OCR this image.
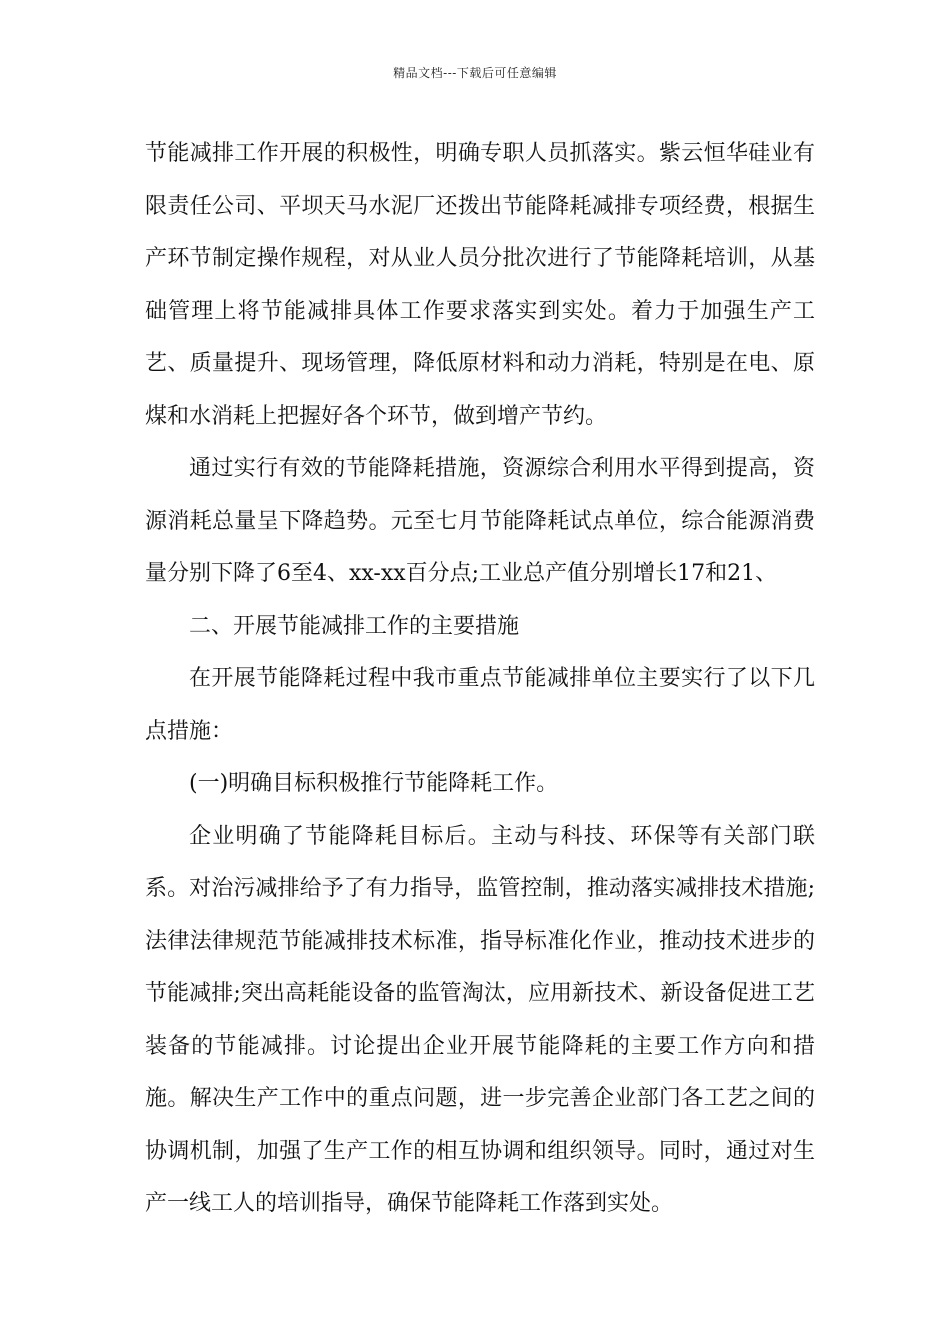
精品文档---下载后可任意编辑

节能减排工作开展的积极性，明确专职人员抓落实。紫云恒华硅业有限责任公司、平坝天马水泥厂还拨出节能降耗减排专项经费，根据生产环节制定操作规程，对从业人员分批次进行了节能降耗培训，从基础管理上将节能减排具体工作要求落实到实处。着力于加强生产工艺、质量提升、现场管理，降低原材料和动力消耗，特别是在电、原煤和水消耗上把握好各个环节，做到增产节约。

通过实行有效的节能降耗措施，资源综合利用水平得到提高，资源消耗总量呈下降趋势。元至七月节能降耗试点单位，综合能源消费量分别下降了6至4、xx-xx百分点;工业总产值分别增长17和21、

二、开展节能减排工作的主要措施

在开展节能降耗过程中我市重点节能减排单位主要实行了以下几点措施：

(一)明确目标积极推行节能降耗工作。

企业明确了节能降耗目标后。主动与科技、环保等有关部门联系。对治污减排给予了有力指导，监管控制，推动落实减排技术措施;法律法律规范节能减排技术标准，指导标准化作业，推动技术进步的节能减排;突出高耗能设备的监管淘汰，应用新技术、新设备促进工艺装备的节能减排。讨论提出企业开展节能降耗的主要工作方向和措施。解决生产工作中的重点问题，进一步完善企业部门各工艺之间的协调机制，加强了生产工作的相互协调和组织领导。同时，通过对生产一线工人的培训指导，确保节能降耗工作落到实处。
